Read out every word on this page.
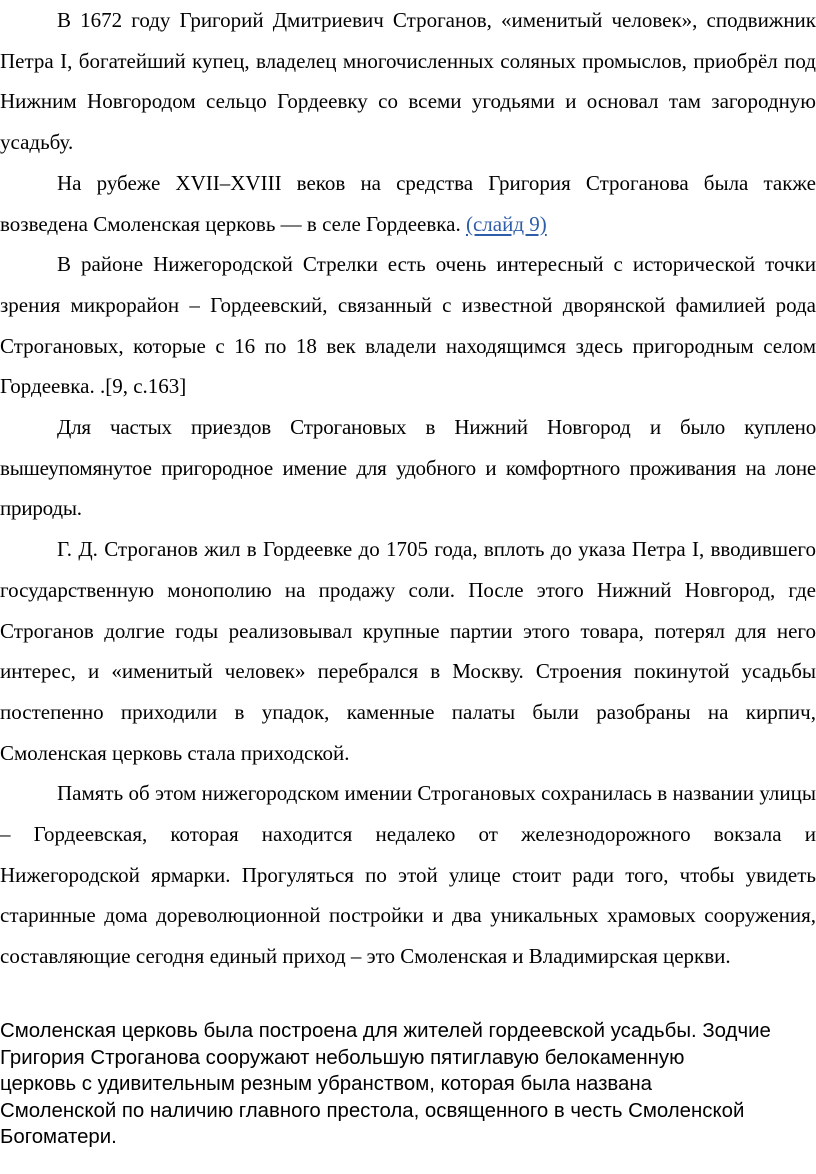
В 1672 году Григорий Дмитриевич Строганов, «именитый человек», сподвижник Петра I, богатейший купец, владелец многочисленных соляных промыслов, приобрёл под Нижним Новгородом сельцо Гордеевку со всеми угодьями и основал там загородную усадьбу.

На рубеже XVII–XVIII веков на средства Григория Строганова была также возведена Смоленская церковь — в селе Гордеевка. (слайд 9)

В районе Нижегородской Стрелки есть очень интересный с исторической точки зрения микрорайон – Гордеевский, связанный с известной дворянской фамилией рода Строгановых, которые с 16 по 18 век владели находящимся здесь пригородным селом Гордеевка. .[9, с.163]

Для частых приездов Строгановых в Нижний Новгород и было куплено вышеупомянутое пригородное имение для удобного и комфортного проживания на лоне природы.

Г. Д. Строганов жил в Гордеевке до 1705 года, вплоть до указа Петра I, вводившего государственную монополию на продажу соли. После этого Нижний Новгород, где Строганов долгие годы реализовывал крупные партии этого товара, потерял для него интерес, и «именитый человек» перебрался в Москву. Строения покинутой усадьбы постепенно приходили в упадок, каменные палаты были разобраны на кирпич, Смоленская церковь стала приходской.

Память об этом нижегородском имении Строгановых сохранилась в названии улицы – Гордеевская, которая находится недалеко от железнодорожного вокзала и Нижегородской ярмарки. Прогуляться по этой улице стоит ради того, чтобы увидеть старинные дома дореволюционной постройки и два уникальных храмовых сооружения, составляющие сегодня единый приход – это Смоленская и Владимирская церкви.

Смоленская церковь была построена для жителей гордеевской усадьбы. Зодчие
Григория Строганова сооружают небольшую пятиглавую белокаменную
церковь с удивительным резным убранством, которая была названа
Смоленской по наличию главного престола, освященного в честь Смоленской
Богоматери.
